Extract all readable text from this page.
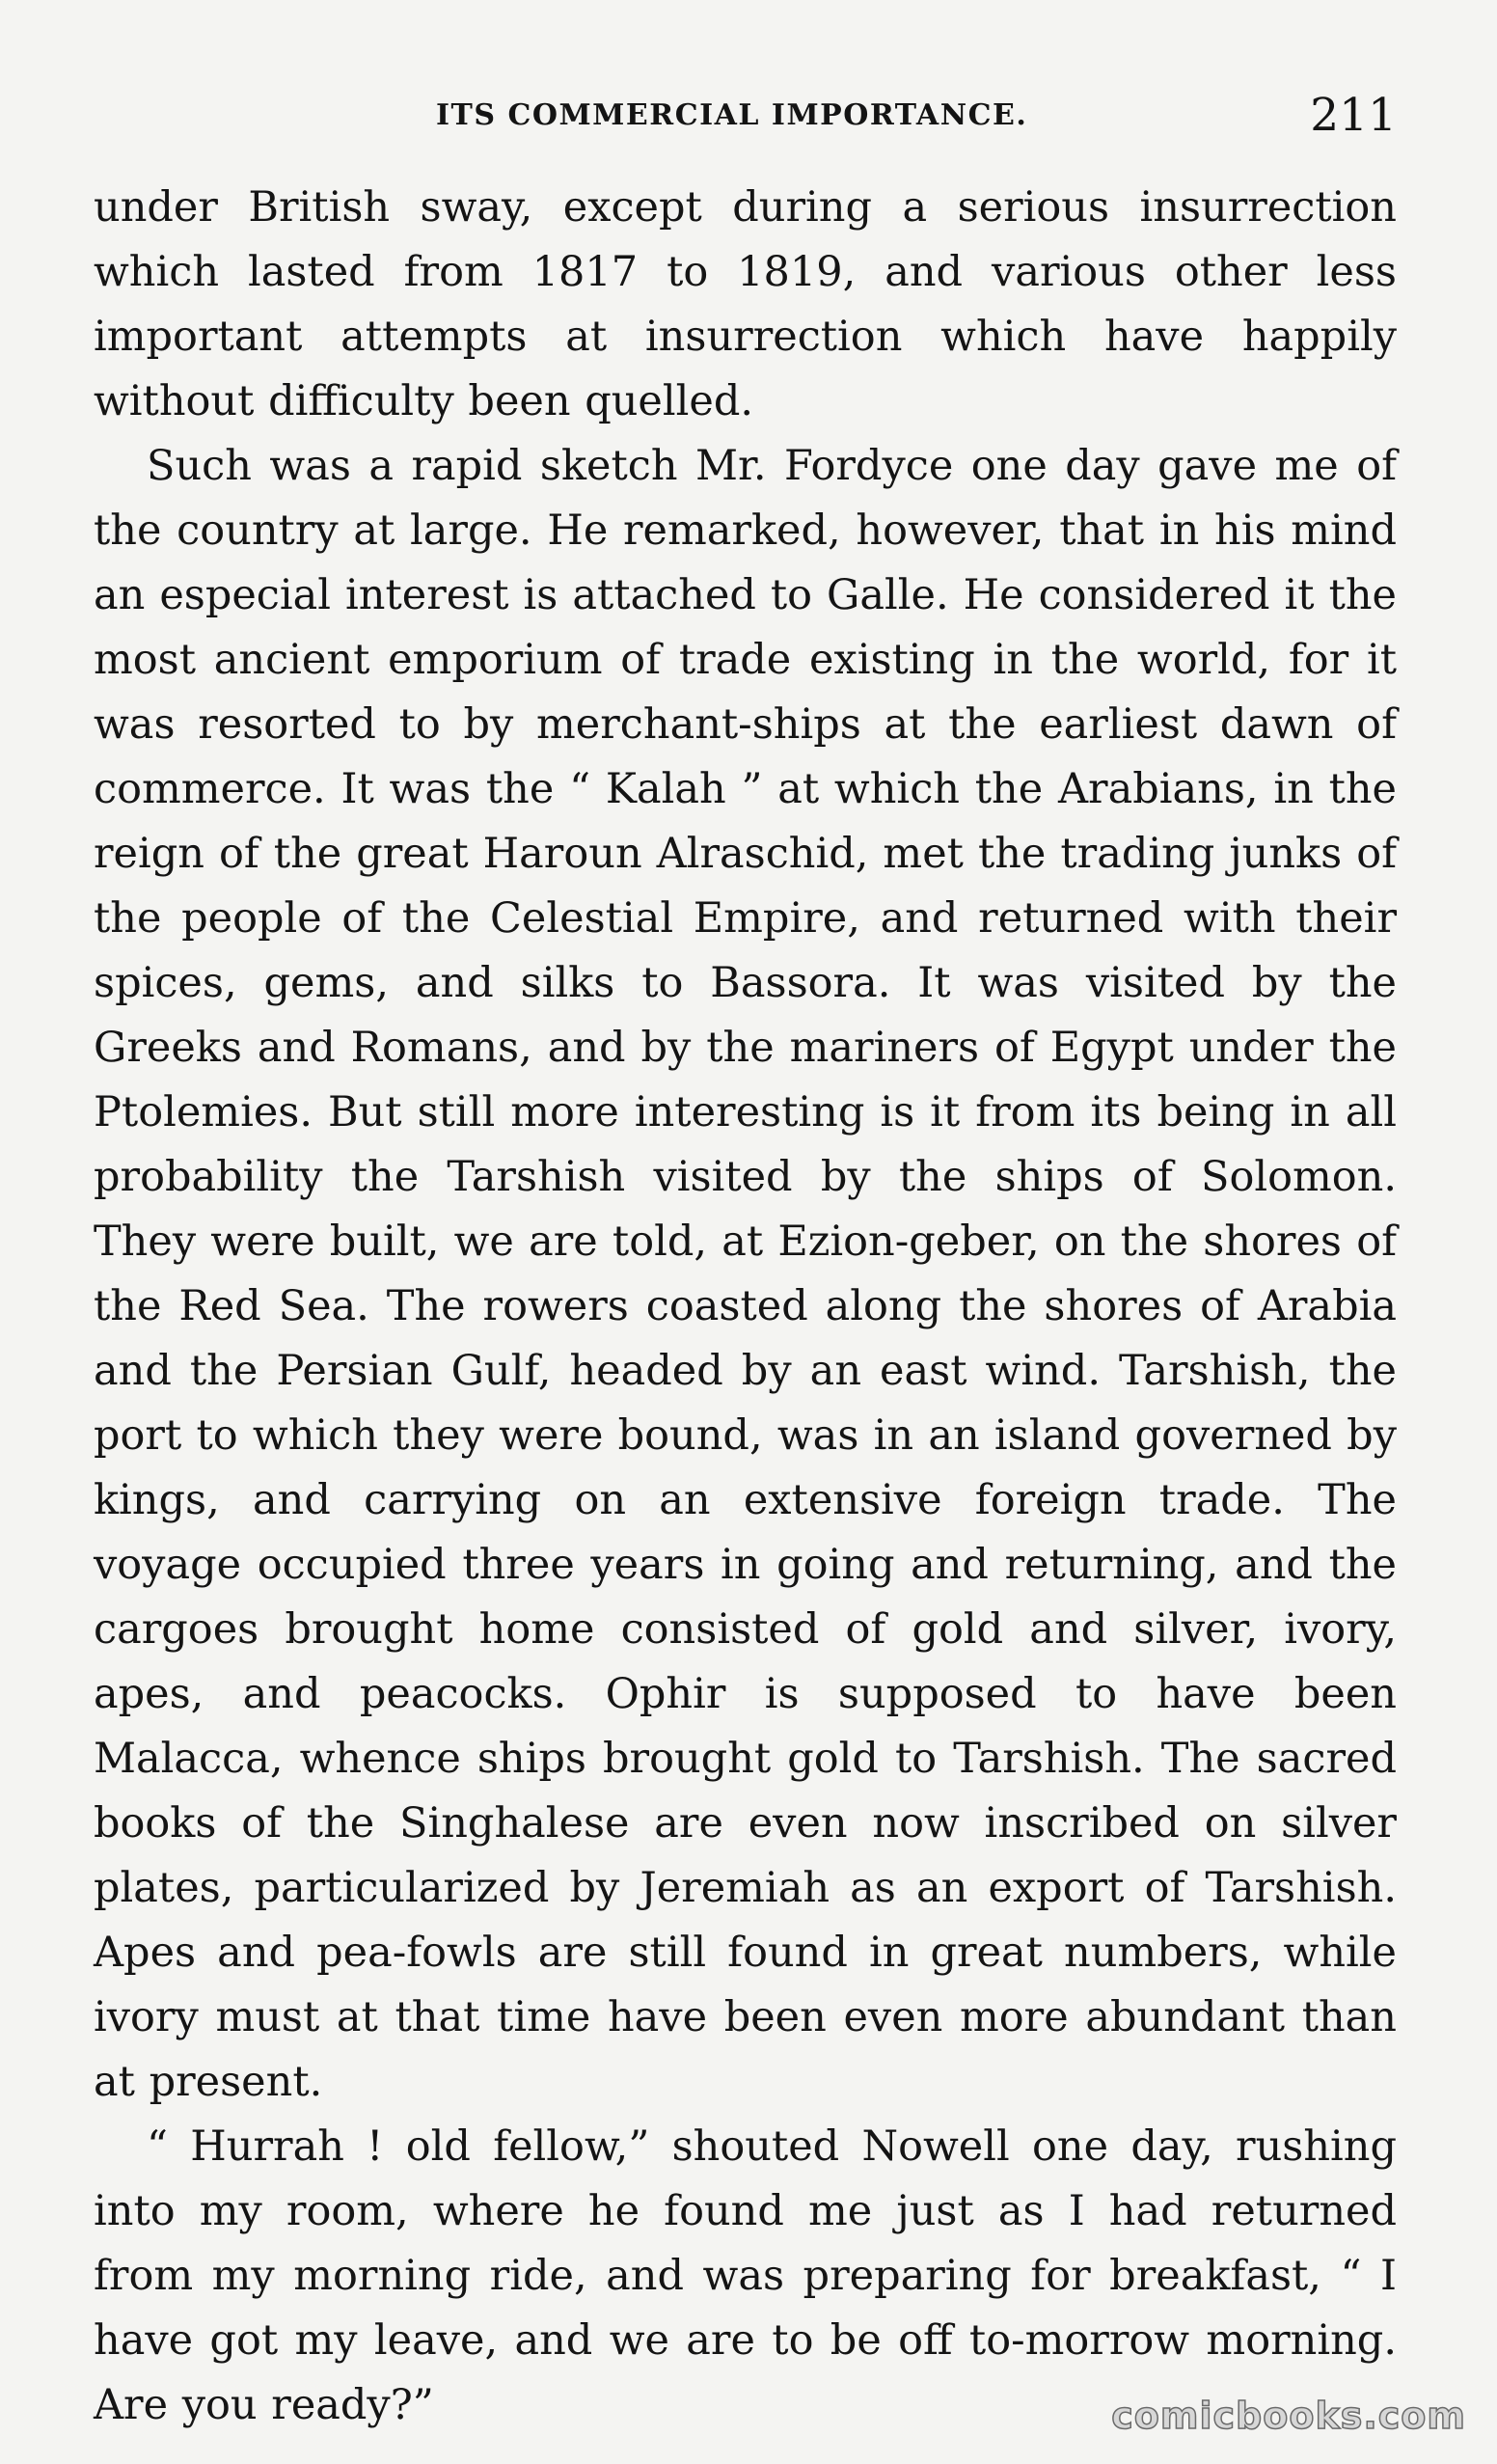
ITS COMMERCIAL IMPORTANCE.	211

under British sway, except during a serious insurrection which lasted from 1817 to 1819, and various other less important attempts at insurrection which have happily without difficulty been quelled.

Such was a rapid sketch Mr. Fordyce one day gave me of the country at large. He remarked, however, that in his mind an especial interest is attached to Galle. He considered it the most ancient emporium of trade existing in the world, for it was resorted to by merchant-ships at the earliest dawn of commerce. It was the “ Kalah ” at which the Arabians, in the reign of the great Haroun Alraschid, met the trading junks of the people of the Celestial Empire, and returned with their spices, gems, and silks to Bassora. It was visited by the Greeks and Romans, and by the mariners of Egypt under the Ptolemies. But still more interesting is it from its being in all probability the Tarshish visited by the ships of Solomon. They were built, we are told, at Ezion-geber, on the shores of the Red Sea. The rowers coasted along the shores of Arabia and the Persian Gulf, headed by an east wind. Tarshish, the port to which they were bound, was in an island governed by kings, and carrying on an extensive foreign trade. The voyage occupied three years in going and returning, and the cargoes brought home consisted of gold and silver, ivory, apes, and peacocks. Ophir is supposed to have been Malacca, whence ships brought gold to Tarshish. The sacred books of the Singhalese are even now inscribed on silver plates, particularized by Jeremiah as an export of Tarshish. Apes and pea-fowls are still found in great numbers, while ivory must at that time have been even more abundant than at present.

“ Hurrah ! old fellow,” shouted Nowell one day, rushing into my room, where he found me just as I had returned from my morning ride, and was preparing for breakfast, “ I have got my leave, and we are to be off to-morrow morning. Are you ready?”	comicbooks.com
